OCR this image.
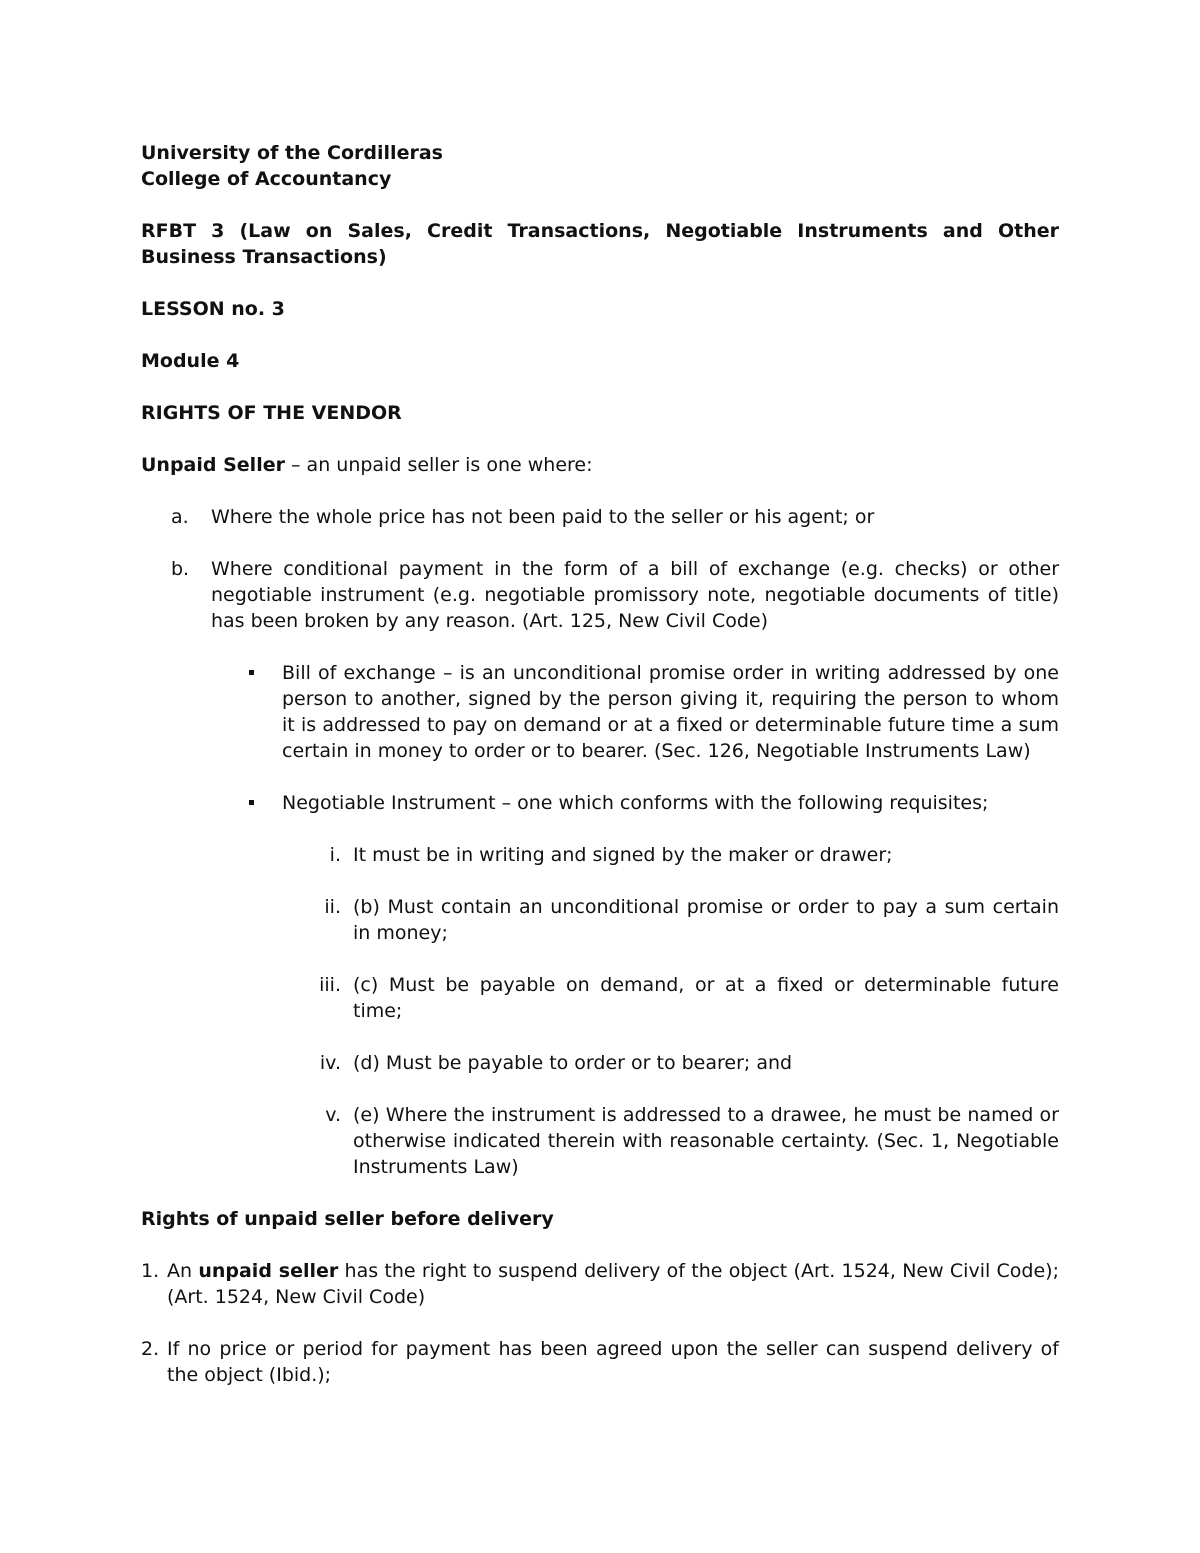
University of the Cordilleras

College of Accountancy

RFBT 3 (Law on Sales, Credit Transactions, Negotiable Instruments and Other Business Transactions)

LESSON no. 3

Module 4

RIGHTS OF THE VENDOR

Unpaid Seller – an unpaid seller is one where:

a.	Where the whole price has not been paid to the seller or his agent; or
b.	Where conditional payment in the form of a bill of exchange (e.g. checks) or other negotiable instrument (e.g. negotiable promissory note, negotiable documents of title) has been broken by any reason. (Art. 125, New Civil Code)
Bill of exchange – is an unconditional promise order in writing addressed by one person to another, signed by the person giving it, requiring the person to whom it is addressed to pay on demand or at a fixed or determinable future time a sum certain in money to order or to bearer. (Sec. 126, Negotiable Instruments Law)
Negotiable Instrument – one which conforms with the following requisites;
i. It must be in writing and signed by the maker or drawer;
ii. (b) Must contain an unconditional promise or order to pay a sum certain in money;
iii. (c) Must be payable on demand, or at a fixed or determinable future time;
iv. (d) Must be payable to order or to bearer; and
v. (e) Where the instrument is addressed to a drawee, he must be named or otherwise indicated therein with reasonable certainty. (Sec. 1, Negotiable Instruments Law)

Rights of unpaid seller before delivery

1. An unpaid seller has the right to suspend delivery of the object (Art. 1524, New Civil Code); (Art. 1524, New Civil Code)
2. If no price or period for payment has been agreed upon the seller can suspend delivery of the object (Ibid.);
